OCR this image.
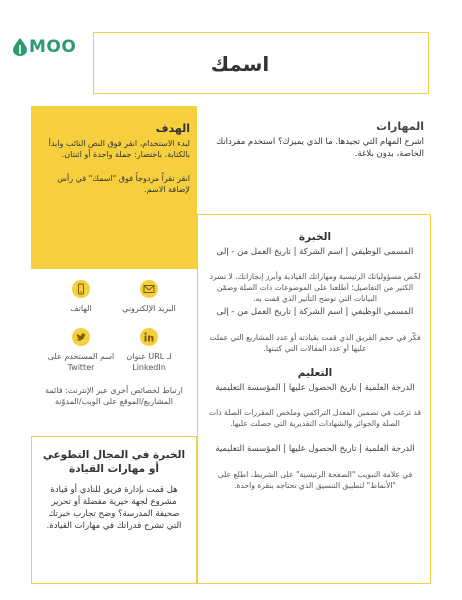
MOO
اسمك
الهدف
لبدء الاستخدام، انقر فوق النص النائب وابدأ بالكتابة. باختصار: جملة واحدة أو اثنتان.
انقر نقراً مزدوجاً فوق "اسمك" في رأس لإضافة الاسم.
المهارات
اشرح المهام التي تجيدها. ما الذي يميزك؟ استخدم مفرداتك الخاصة، بدون بلاغة.
الخبرة
المسمى الوظيفي | اسم الشركة | تاريخ العمل من - إلى
لخّص مسؤولياتك الرئيسية ومهاراتك القيادية وأبرز إنجازاتك. لا تسرد الكثير من التفاصيل؛ أطلعنا على الموضوعات ذات الصلة وضمّن البيانات التي توضح التأثير الذي قمت به.
المسمى الوظيفي | اسم الشركة | تاريخ العمل من - إلى
فكّر في حجم الفريق الذي قمت بقيادته أو عدد المشاريع التي عملت عليها أو عدد المقالات التي كتبتها.
التعليم
الدرجة العلمية | تاريخ الحصول عليها | المؤسسة التعليمية
قد ترغب في تضمين المعدل التراكمي وملخص المقررات الصلة ذات الصلة والجوائز والشهادات التقديرية التي حصلت عليها.
الدرجة العلمية | تاريخ الحصول عليها | المؤسسة التعليمية
في علامة التبويب "الصفحة الرئيسية" على الشريط، اطلع على "الأنماط" لتطبيق التنسيق الذي تحتاجه بنقرة واحدة.
البريد الإلكتروني
الهاتف
عنوان URL لـ LinkedIn
اسم المستخدم على Twitter
ارتباط لخصائص أخرى عبر الإنترنت: قائمة المشاريع/الموقع على الويب/المدوّنة
الخبرة في المجال التطوعي أو مهارات القيادة
هل قمت بإدارة فريق للنادي أو قيادة مشروع لجهة خيرية مفضلة أو تحرير صحيفة المدرسة؟ وضح تجارب خبرتك التي تشرح قدراتك في مهارات القيادة.
